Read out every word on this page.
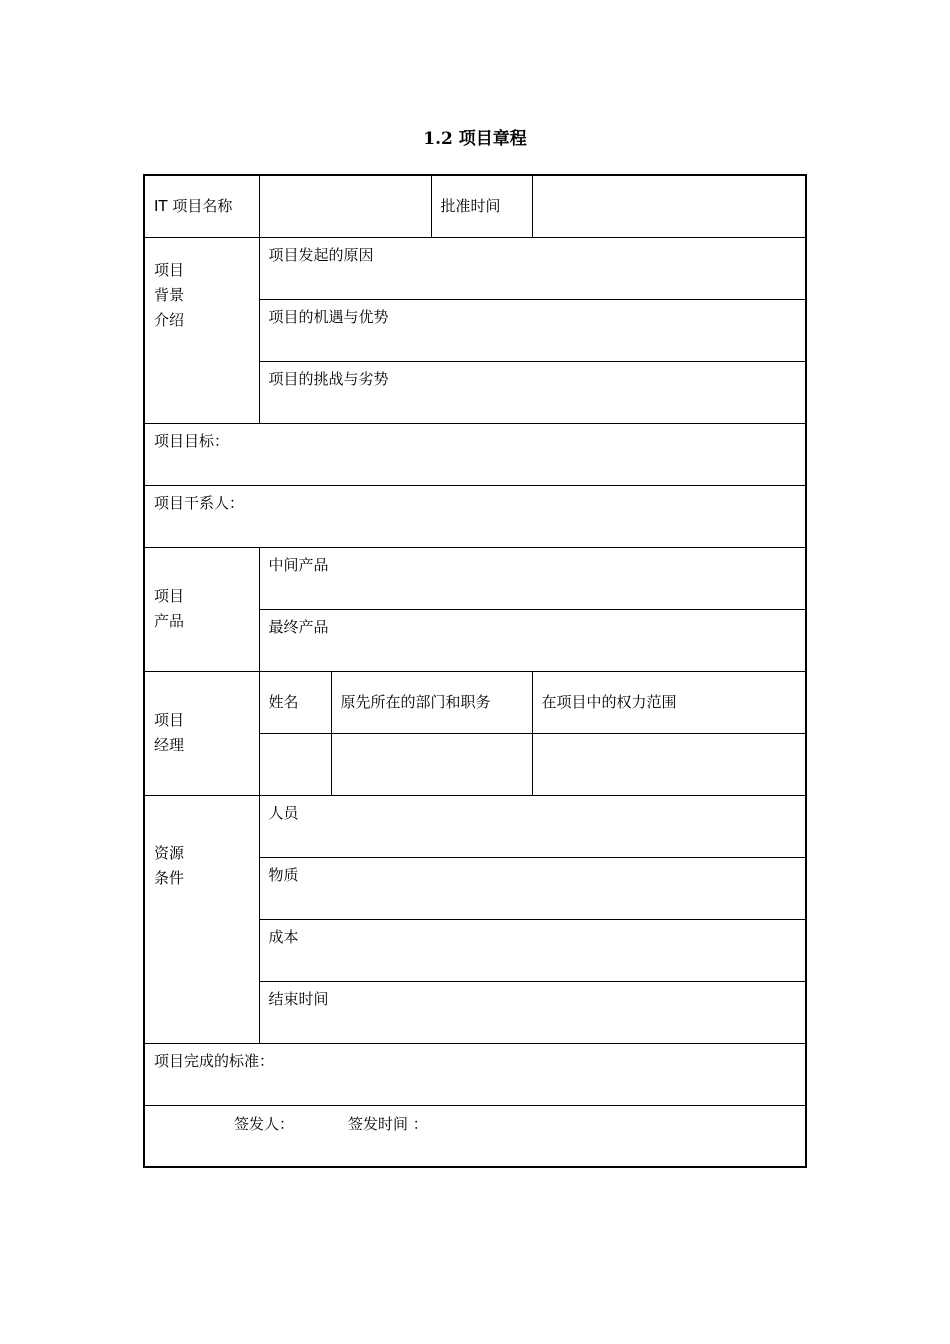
1.2 项目章程
IT 项目名称			批准时间	

项目
背景
介绍	项目发起的原因			
	项目的机遇与优势			
	项目的挑战与劣势			
项目目标：				
项目干系人：				

项目
产品	中间产品			
	最终产品			

项目
经理	姓名	原先所在的部门和职务		在项目中的权力范围

资源
条件	人员			
	物质			
	成本			
	结束时间			
项目完成的标准：				
签发人： 签发时间 ：				
